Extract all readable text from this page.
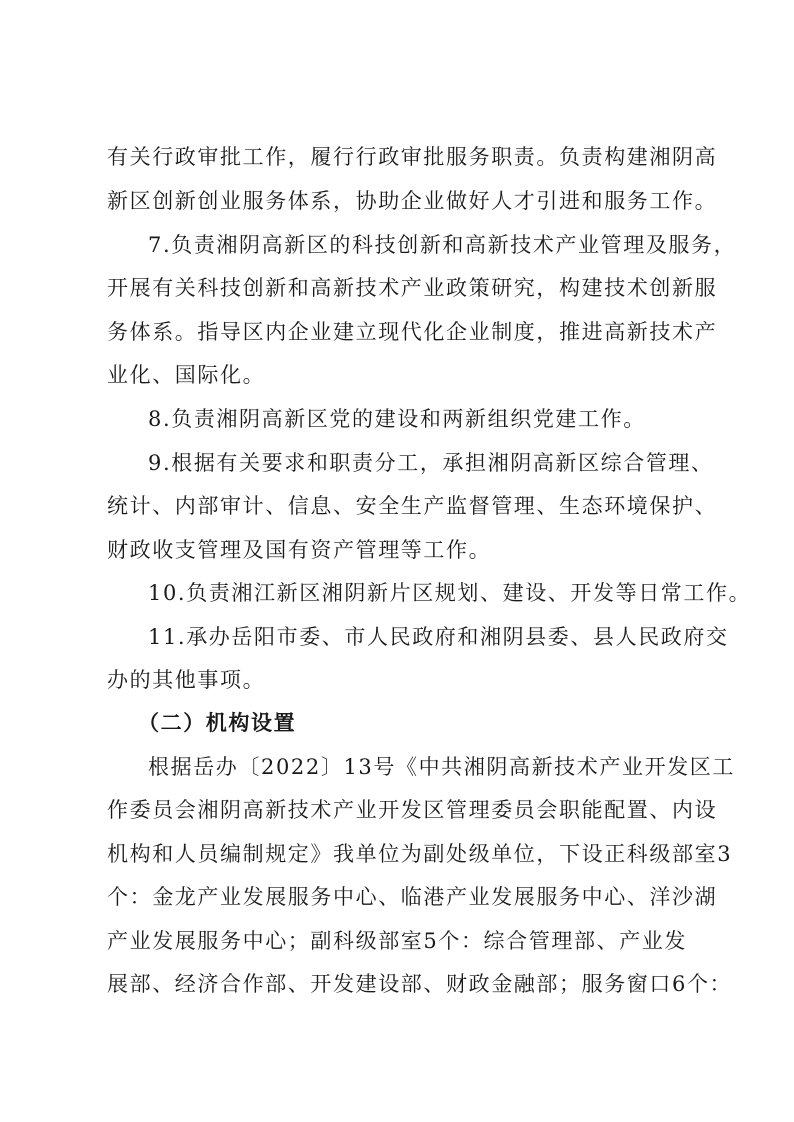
有关行政审批工作，履行行政审批服务职责。负责构建湘阴高
新区创新创业服务体系，协助企业做好人才引进和服务工作。
7.负责湘阴高新区的科技创新和高新技术产业管理及服务，
开展有关科技创新和高新技术产业政策研究，构建技术创新服
务体系。指导区内企业建立现代化企业制度，推进高新技术产
业化、国际化。
8.负责湘阴高新区党的建设和两新组织党建工作。
9.根据有关要求和职责分工，承担湘阴高新区综合管理、
统计、内部审计、信息、安全生产监督管理、生态环境保护、
财政收支管理及国有资产管理等工作。
10.负责湘江新区湘阴新片区规划、建设、开发等日常工作。
11.承办岳阳市委、市人民政府和湘阴县委、县人民政府交
办的其他事项。
（二）机构设置
根据岳办〔2022〕13号《中共湘阴高新技术产业开发区工
作委员会湘阴高新技术产业开发区管理委员会职能配置、内设
机构和人员编制规定》我单位为副处级单位，下设正科级部室3
个：金龙产业发展服务中心、临港产业发展服务中心、洋沙湖
产业发展服务中心；副科级部室5个：综合管理部、产业发
展部、经济合作部、开发建设部、财政金融部；服务窗口6个：
